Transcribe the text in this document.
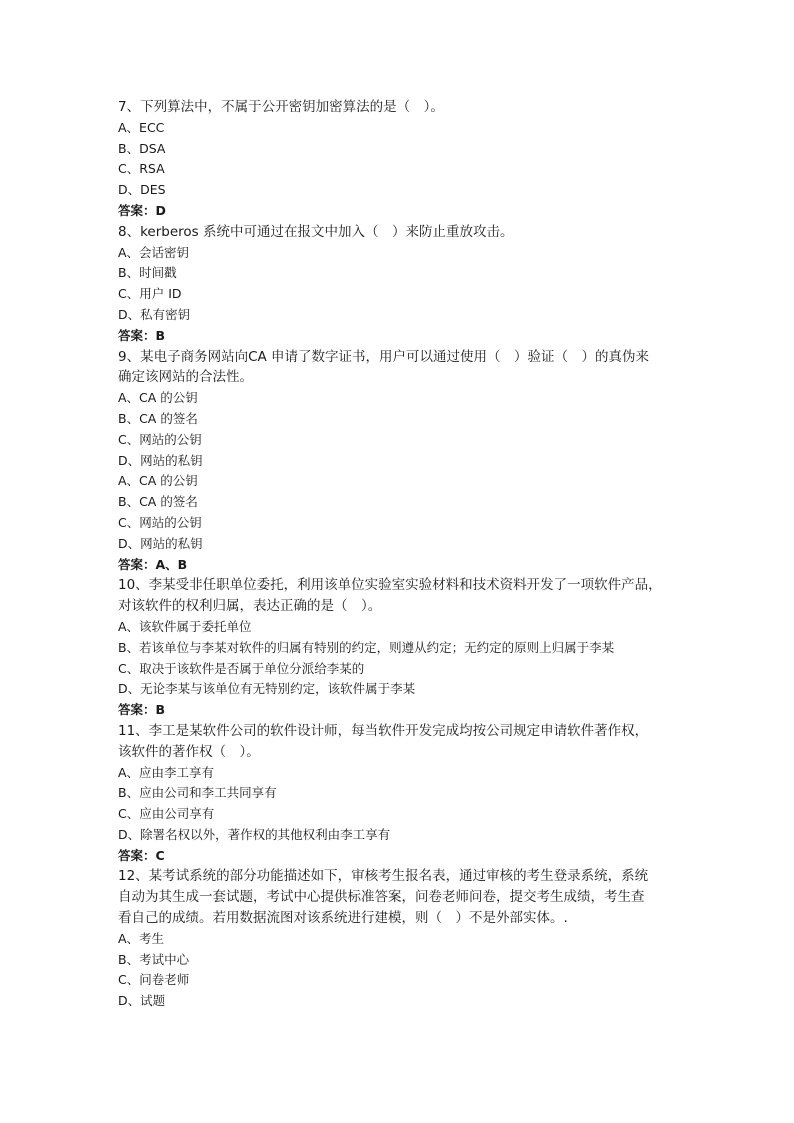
7、下列算法中，不属于公开密钥加密算法的是（　）。
A、ECC
B、DSA
C、RSA
D、DES
答案：D
8、kerberos 系统中可通过在报文中加入（　）来防止重放攻击。
A、会话密钥
B、时间戳
C、用户 ID
D、私有密钥
答案：B
9、某电子商务网站向CA 申请了数字证书，用户可以通过使用（　）验证（　）的真伪来
确定该网站的合法性。
A、CA 的公钥
B、CA 的签名
C、网站的公钥
D、网站的私钥
A、CA 的公钥
B、CA 的签名
C、网站的公钥
D、网站的私钥
答案：A、B
10、李某受非任职单位委托，利用该单位实验室实验材料和技术资料开发了一项软件产品，
对该软件的权利归属，表达正确的是（　）。
A、该软件属于委托单位
B、若该单位与李某对软件的归属有特别的约定，则遵从约定；无约定的原则上归属于李某
C、取决于该软件是否属于单位分派给李某的
D、无论李某与该单位有无特别约定，该软件属于李某
答案：B
11、李工是某软件公司的软件设计师，每当软件开发完成均按公司规定申请软件著作权，
该软件的著作权（　）。
A、应由李工享有
B、应由公司和李工共同享有
C、应由公司享有
D、除署名权以外，著作权的其他权利由李工享有
答案：C
12、某考试系统的部分功能描述如下，审核考生报名表，通过审核的考生登录系统，系统
自动为其生成一套试题，考试中心提供标准答案，问卷老师问卷，提交考生成绩，考生查
看自己的成绩。若用数据流图对该系统进行建模，则（　）不是外部实体。.
A、考生
B、考试中心
C、问卷老师
D、试题
